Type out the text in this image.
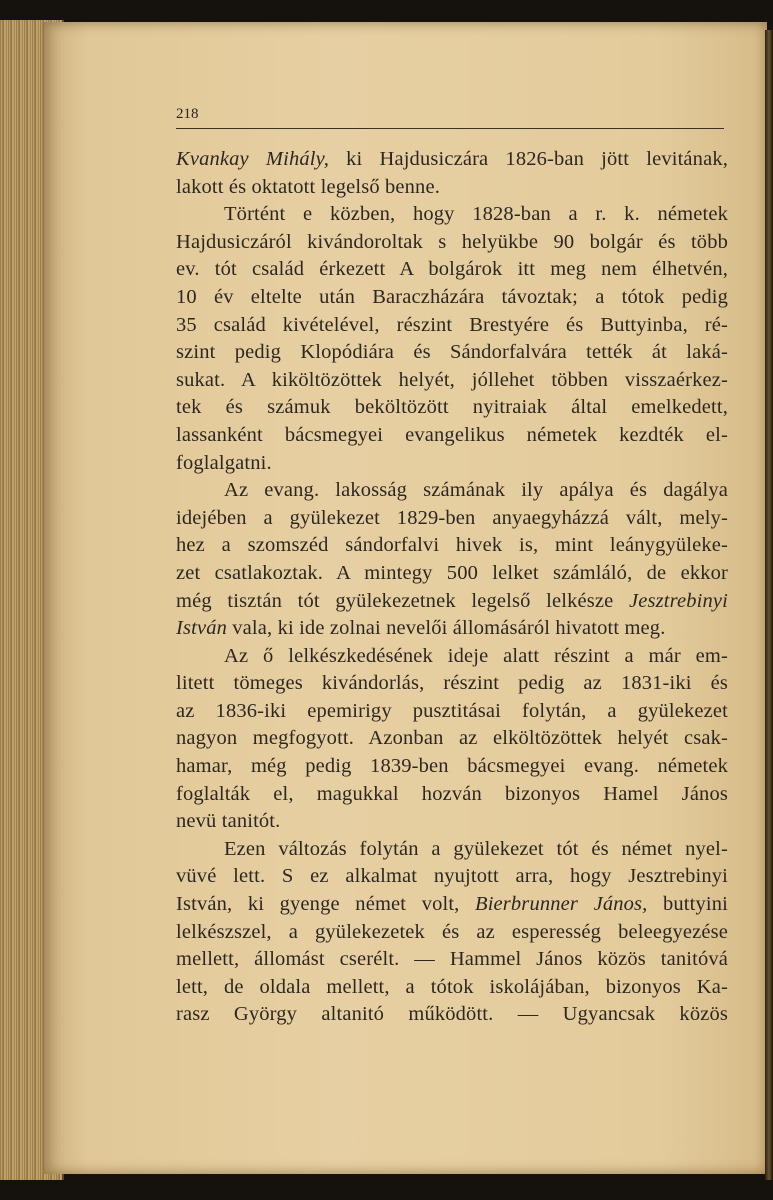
218

Kvankay Mihály, ki Hajdusiczára 1826-ban jött levitának,

lakott és oktatott legelső benne.

Történt e közben, hogy 1828-ban a r. k. németek

Hajdusiczáról kivándoroltak s helyükbe 90 bolgár és több

ev. tót család érkezett A bolgárok itt meg nem élhetvén,

10 év eltelte után Baraczházára távoztak; a tótok pedig

35 család kivételével, részint Brestyére és Buttyinba, ré-

szint pedig Klopódiára és Sándorfalvára tették át laká-

sukat. A kiköltözöttek helyét, jóllehet többen visszaérkez-

tek és számuk beköltözött nyitraiak által emelkedett,

lassanként bácsmegyei evangelikus németek kezdték el-

foglalgatni.

Az evang. lakosság számának ily apálya és dagálya

idejében a gyülekezet 1829-ben anyaegyházzá vált, mely-

hez a szomszéd sándorfalvi hivek is, mint leánygyüleke-

zet csatlakoztak. A mintegy 500 lelket számláló, de ekkor

még tisztán tót gyülekezetnek legelső lelkésze Jesztrebinyi

István vala, ki ide zolnai nevelői állomásáról hivatott meg.

Az ő lelkészkedésének ideje alatt részint a már em-

litett tömeges kivándorlás, részint pedig az 1831-iki és

az 1836-iki epemirigy pusztitásai folytán, a gyülekezet

nagyon megfogyott. Azonban az elköltözöttek helyét csak-

hamar, még pedig 1839-ben bácsmegyei evang. németek

foglalták el, magukkal hozván bizonyos Hamel János

nevü tanitót.

Ezen változás folytán a gyülekezet tót és német nyel-

vüvé lett. S ez alkalmat nyujtott arra, hogy Jesztrebinyi

István, ki gyenge német volt, Bierbrunner János, buttyini

lelkészszel, a gyülekezetek és az esperesség beleegyezése

mellett, állomást cserélt. — Hammel János közös tanitóvá

lett, de oldala mellett, a tótok iskolájában, bizonyos Ka-

rasz György altanitó működött. — Ugyancsak közös
